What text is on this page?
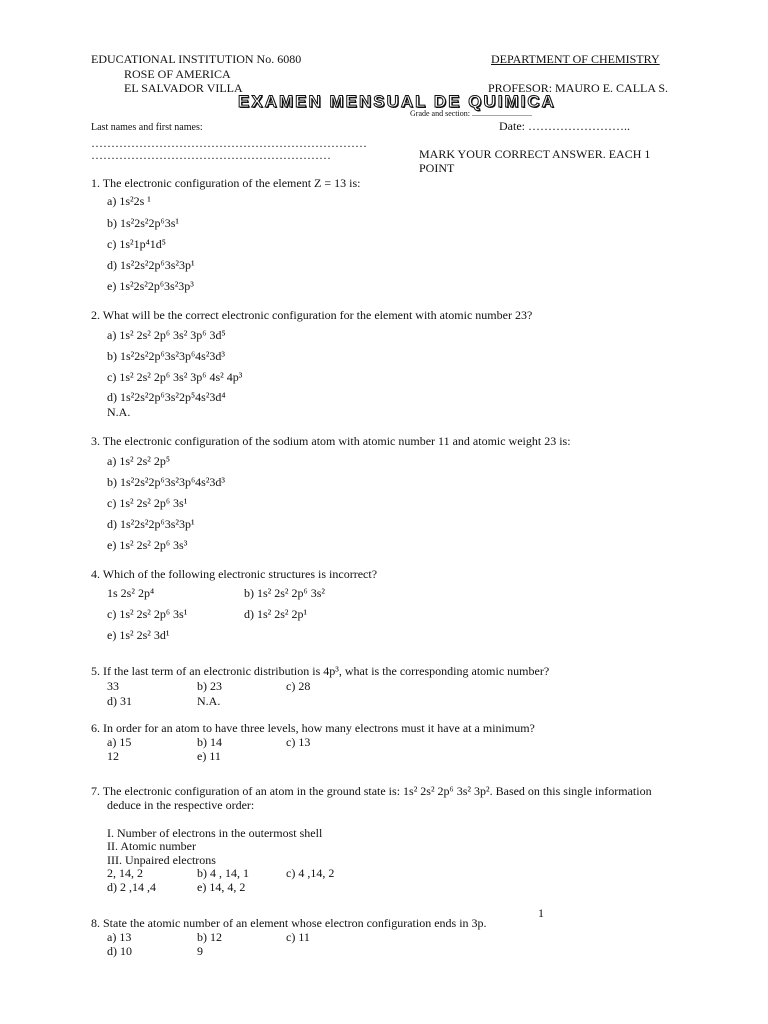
EDUCATIONAL INSTITUTION No. 6080
ROSE OF AMERICA
EL SALVADOR VILLA
DEPARTMENT OF CHEMISTRY
PROFESOR: MAURO E. CALLA S.
EXAMEN MENSUAL DE QUIMICA
Grade and section: ..............................
Last names and first names:	Date: ……………………..
……………………………………………………………
……………………………………………………	MARK YOUR CORRECT ANSWER. EACH 1
POINT
1. The electronic configuration of the element Z = 13 is:
a) 1s²2s ¹
b) 1s²2s²2p⁶3s¹
c) 1s²1p⁴1d⁵
d) 1s²2s²2p⁶3s²3p¹
e) 1s²2s²2p⁶3s²3p³
2. What will be the correct electronic configuration for the element with atomic number 23?
a) 1s² 2s² 2p⁶ 3s² 3p⁶ 3d⁵
b) 1s²2s²2p⁶3s²3p⁶4s²3d³
c) 1s² 2s² 2p⁶ 3s² 3p⁶ 4s² 4p³
d) 1s²2s²2p⁶3s²2p⁵4s²3d⁴
N.A.
3. The electronic configuration of the sodium atom with atomic number 11 and atomic weight 23 is:
a) 1s² 2s² 2p⁵
b) 1s²2s²2p⁶3s²3p⁶4s²3d³
c) 1s² 2s² 2p⁶ 3s¹
d) 1s²2s²2p⁶3s²3p¹
e) 1s² 2s² 2p⁶ 3s³
4. Which of the following electronic structures is incorrect?
1s 2s² 2p⁴	b) 1s² 2s² 2p⁶ 3s²
c) 1s² 2s² 2p⁶ 3s¹	d) 1s² 2s² 2p¹
e) 1s² 2s² 3d¹
5. If the last term of an electronic distribution is 4p³, what is the corresponding atomic number?
33	b) 23	c) 28
d) 31	N.A.
6. In order for an atom to have three levels, how many electrons must it have at a minimum?
a) 15	b) 14	c) 13
12	e) 11
7. The electronic configuration of an atom in the ground state is: 1s² 2s² 2p⁶ 3s² 3p². Based on this single information
deduce in the respective order:
I. Number of electrons in the outermost shell
II. Atomic number
III. Unpaired electrons
2, 14, 2	b) 4 , 14, 1	c) 4 ,14, 2
d) 2 ,14 ,4	e) 14, 4, 2
1
8. State the atomic number of an element whose electron configuration ends in 3p.
a) 13	b) 12	c) 11
d) 10	9
